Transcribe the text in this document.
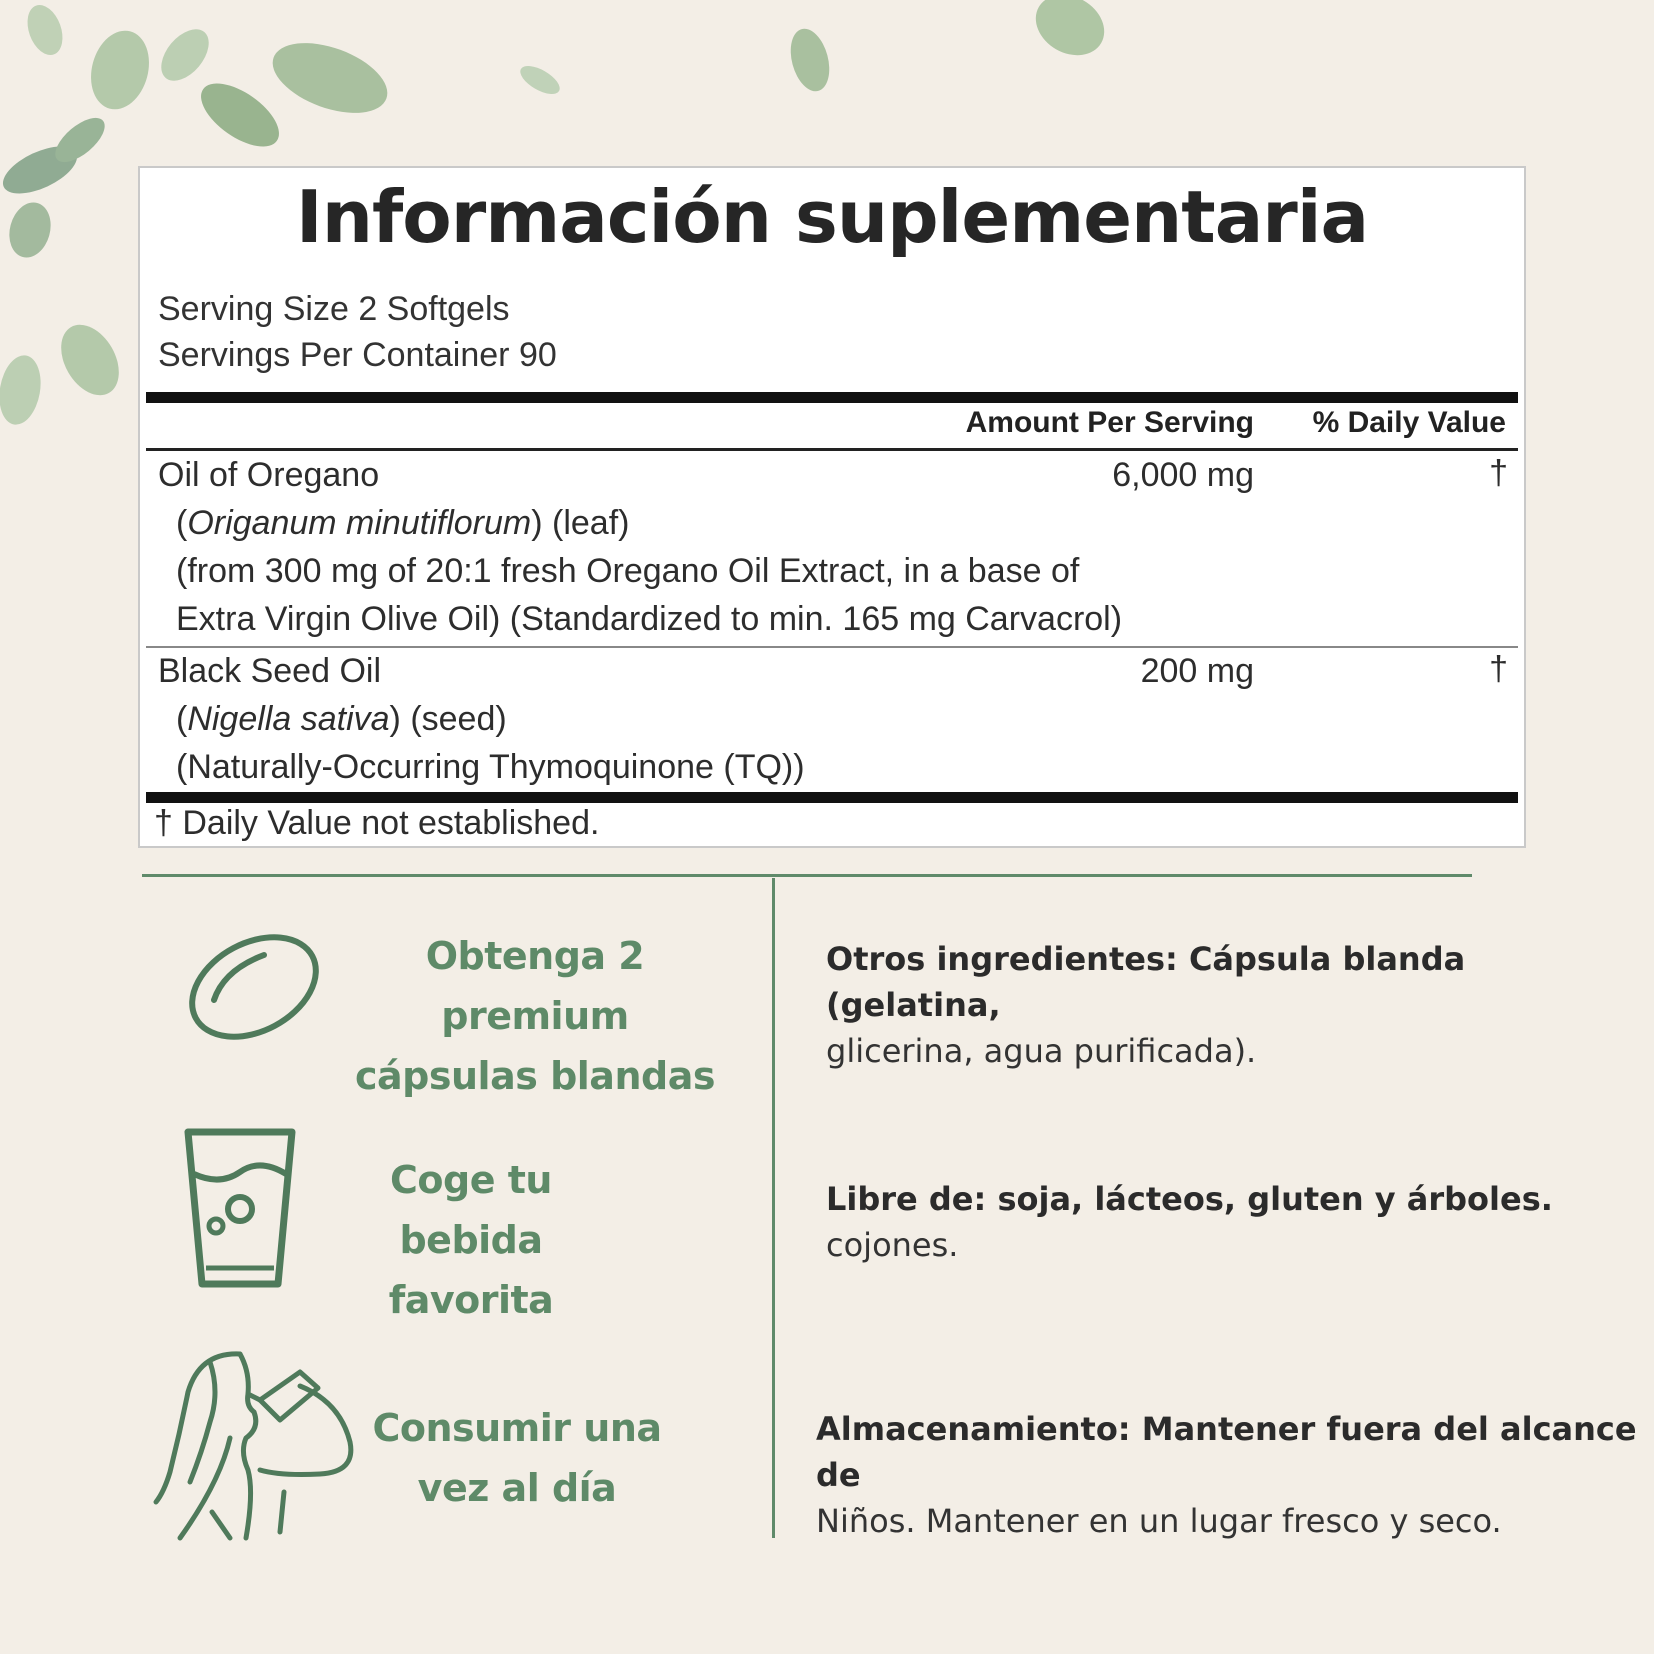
Información suplementaria
Serving Size 2 Softgels
Servings Per Container 90
Amount Per Serving % Daily Value
Oil of Oregano	6,000 mg	†
(Origanum minutiflorum) (leaf)
(from 300 mg of 20:1 fresh Oregano Oil Extract, in a base of
Extra Virgin Olive Oil) (Standardized to min. 165 mg Carvacrol)
Black Seed Oil	200 mg	†
(Nigella sativa) (seed)
(Naturally-Occurring Thymoquinone (TQ))
† Daily Value not established.
Obtenga 2 premium
cápsulas blandas
Coge tu bebida
favorita
Consumir una
vez al día
Otros ingredientes: Cápsula blanda (gelatina,
glicerina, agua purificada).
Libre de: soja, lácteos, gluten y árboles.
cojones.
Almacenamiento: Mantener fuera del alcance de
Niños. Mantener en un lugar fresco y seco.
